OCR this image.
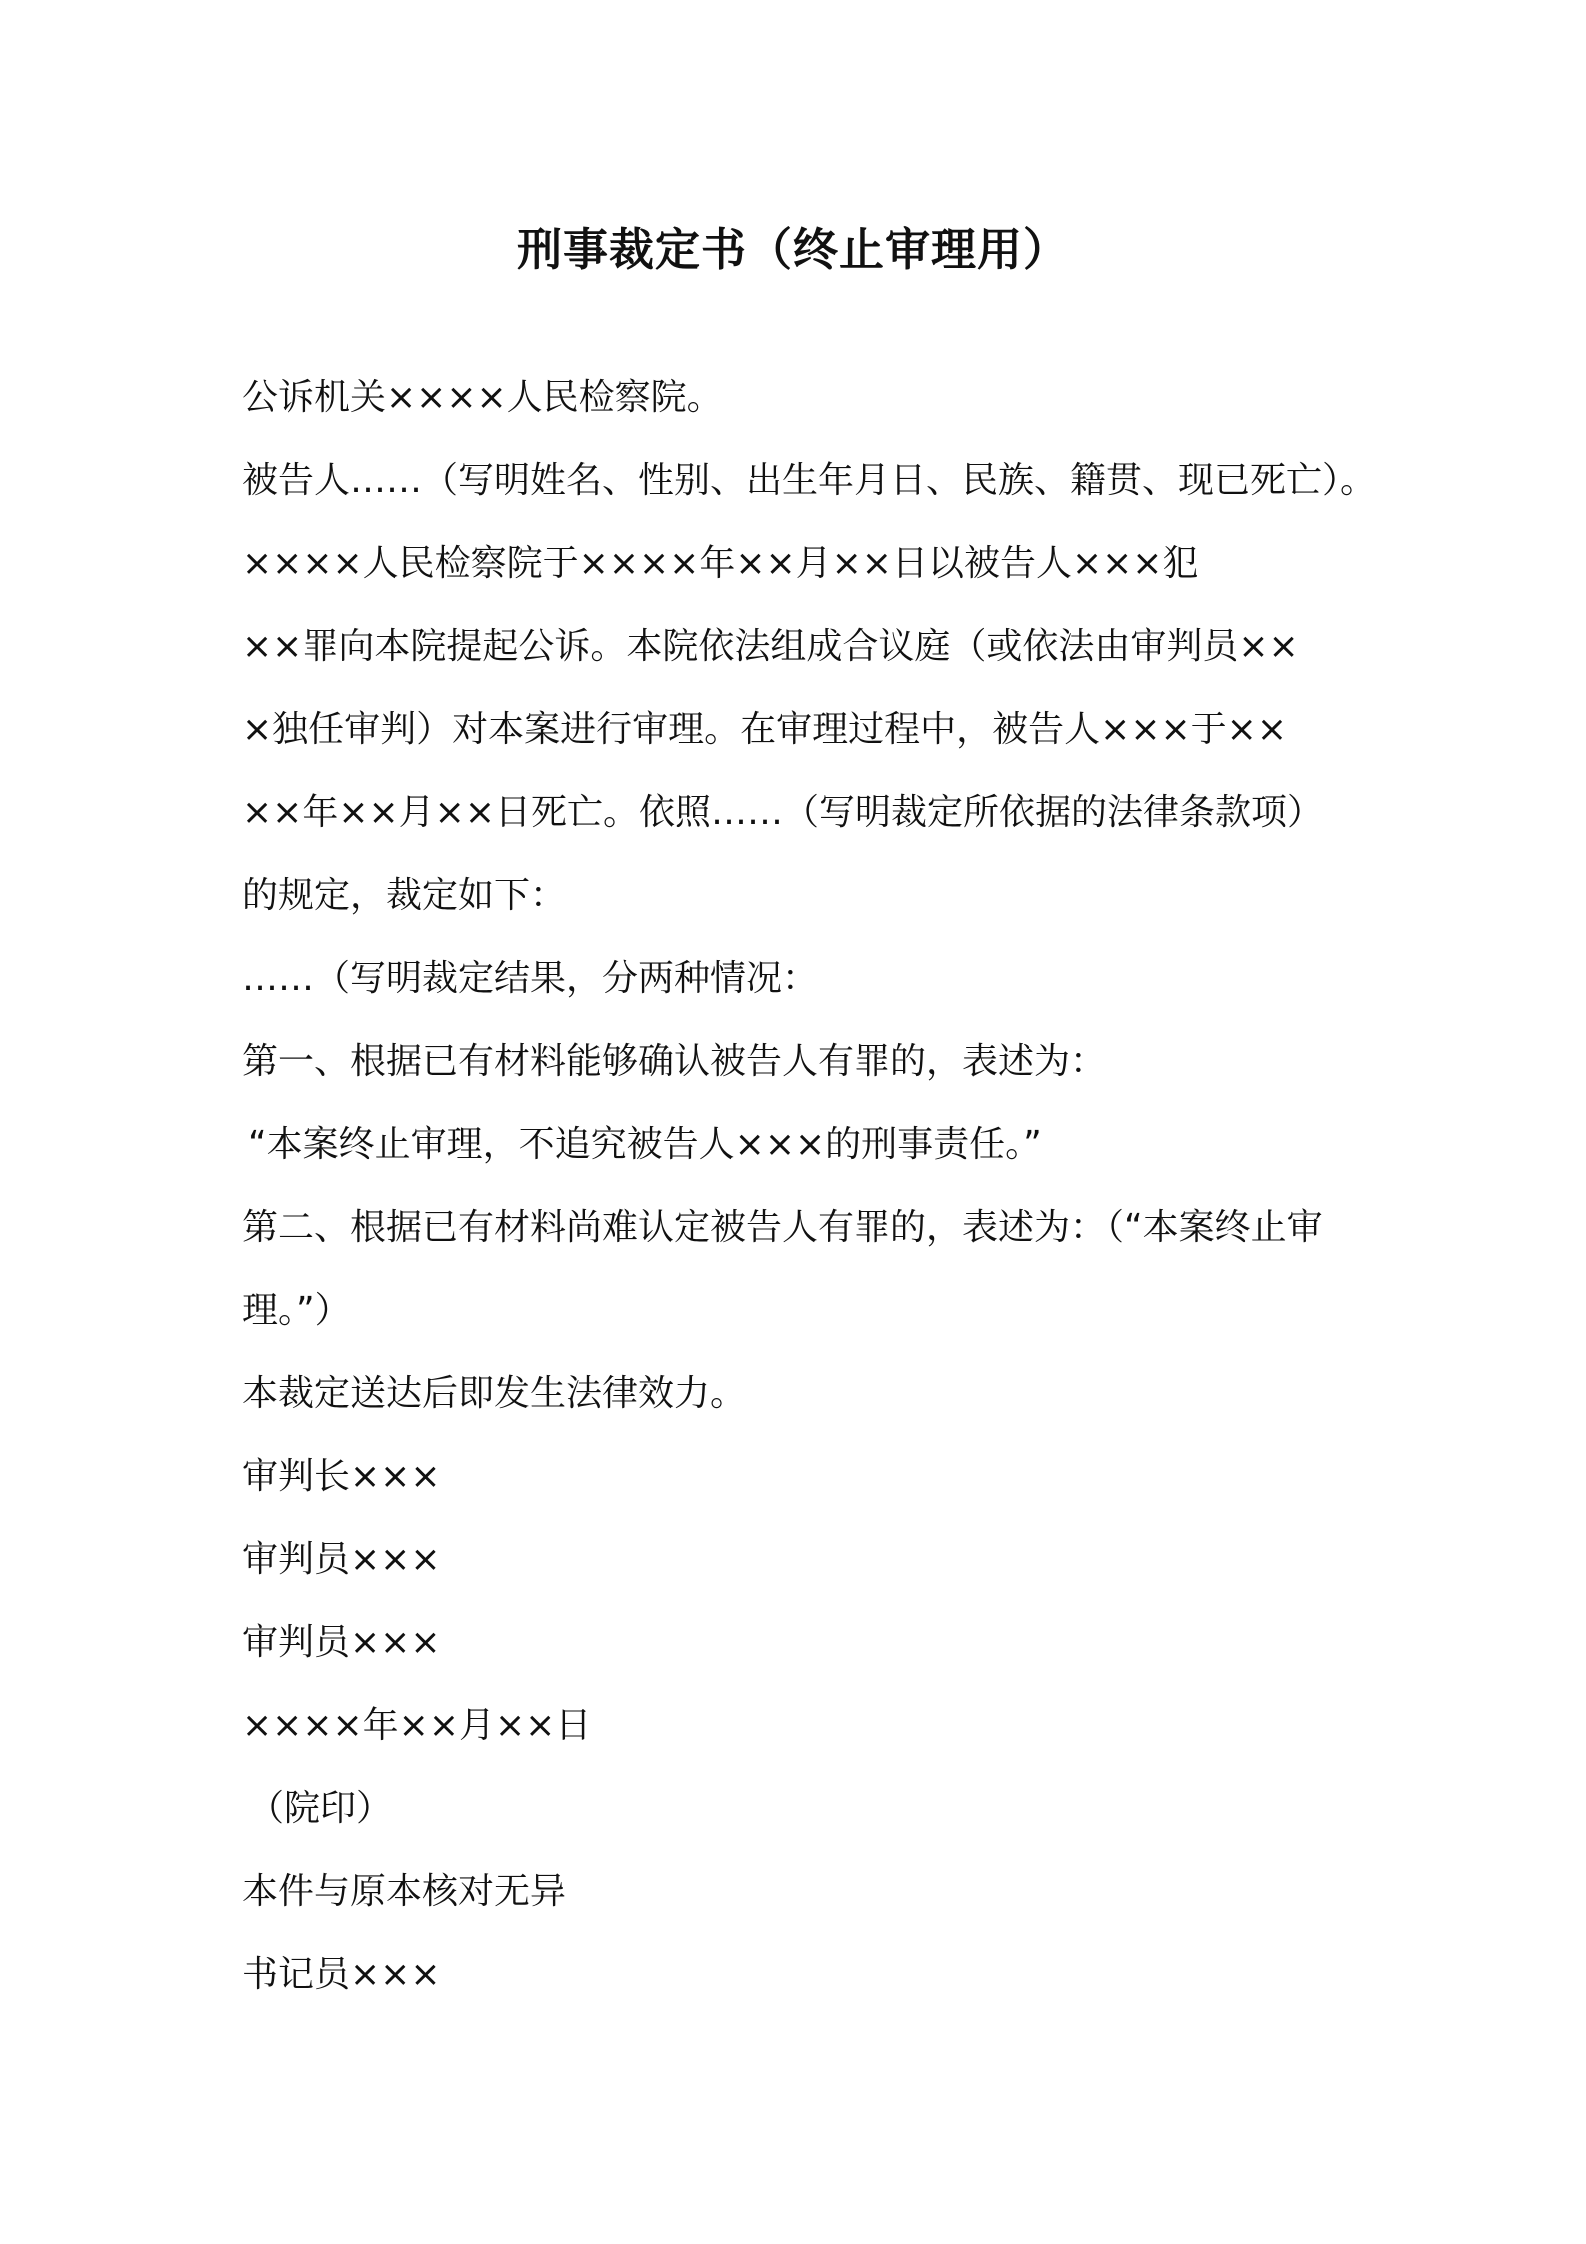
刑事裁定书（终止审理用）
公诉机关××××人民检察院。
被告人……（写明姓名、性别、出生年月日、民族、籍贯、现已死亡）。
××××人民检察院于××××年××月××日以被告人×××犯
××罪向本院提起公诉。本院依法组成合议庭（或依法由审判员××
×独任审判）对本案进行审理。在审理过程中，被告人×××于××
××年××月××日死亡。依照……（写明裁定所依据的法律条款项）
的规定，裁定如下：
……（写明裁定结果，分两种情况：
第一、根据已有材料能够确认被告人有罪的，表述为：
“本案终止审理，不追究被告人×××的刑事责任。”
第二、根据已有材料尚难认定被告人有罪的，表述为：（“本案终止审
理。”）
本裁定送达后即发生法律效力。
审判长×××
审判员×××
审判员×××
××××年××月××日
（院印）
本件与原本核对无异
书记员×××
